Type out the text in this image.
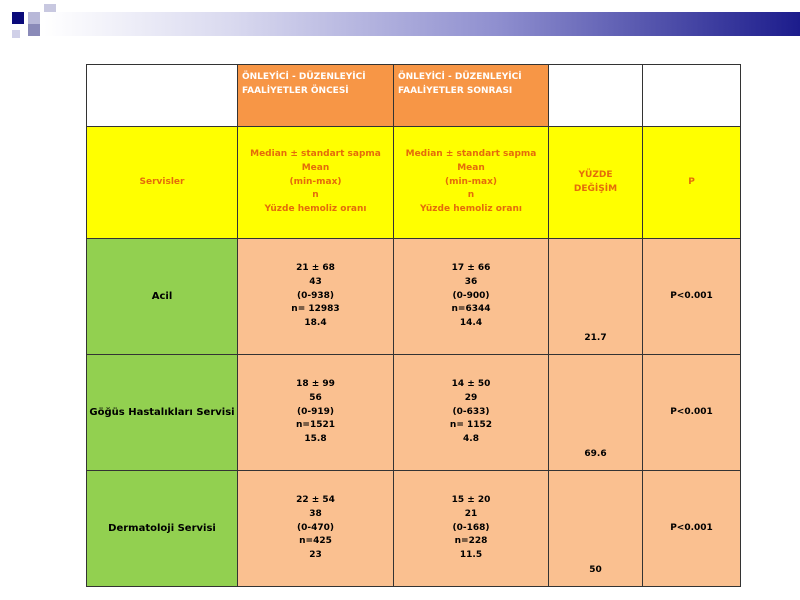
	ÖNLEYİCİ - DÜZENLEYİCİ
FAALİYETLER ÖNCESİ	ÖNLEYİCİ - DÜZENLEYİCİ
FAALİYETLER SONRASI		

Servisler	Median ± standart sapma
Mean
(min-max)
n
Yüzde hemoliz oranı	Median ± standart sapma
Mean
(min-max)
n
Yüzde hemoliz oranı	YÜZDE
DEĞİŞİM	P
Acil	21 ± 68
43
(0-938)
n= 12983
18.4	17 ± 66
36
(0-900)
n=6344
14.4	21.7	P<0.001
Göğüs Hastalıkları Servisi	18 ± 99
56
(0-919)
n=1521
15.8	14 ± 50
29
(0-633)
n= 1152
4.8	69.6	P<0.001
Dermatoloji Servisi	22 ± 54
38
(0-470)
n=425
23	15 ± 20
21
(0-168)
n=228
11.5	50	P<0.001
